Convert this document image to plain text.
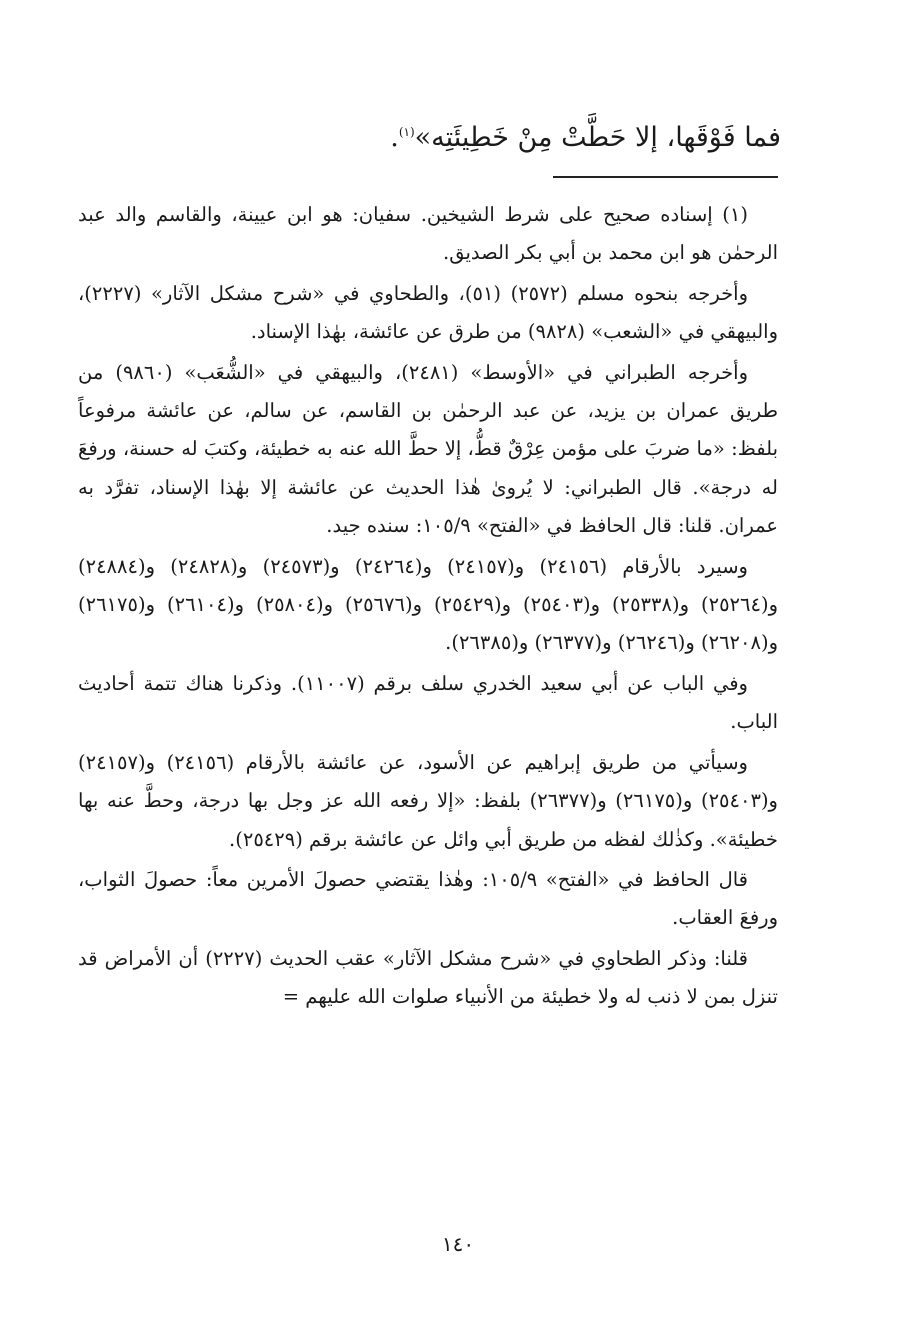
فما فَوْقَها، إلا حَطَّتْ مِنْ خَطِيئَتِه»$^{(١)}$.

(١) إسناده صحيح على شرط الشيخين. سفيان: هو ابن عيينة، والقاسم والد عبد الرحمٰن هو ابن محمد بن أبي بكر الصديق.

وأخرجه بنحوه مسلم (٢٥٧٢) (٥١)، والطحاوي في «شرح مشكل الآثار» (٢٢٢٧)، والبيهقي في «الشعب» (٩٨٢٨) من طرق عن عائشة، بهٰذا الإسناد.

وأخرجه الطبراني في «الأوسط» (٢٤٨١)، والبيهقي في «الشُّعَب» (٩٨٦٠) من طريق عمران بن يزيد، عن عبد الرحمٰن بن القاسم، عن سالم، عن عائشة مرفوعاً بلفظ: «ما ضربَ على مؤمن عِرْقٌ قطُّ، إلا حطَّ الله عنه به خطيئة، وكتبَ له حسنة، ورفعَ له درجة». قال الطبراني: لا يُروىٰ هٰذا الحديث عن عائشة إلا بهٰذا الإسناد، تفرَّد به عمران. قلنا: قال الحافظ في «الفتح» ١٠٥/٩: سنده جيد.

وسيرد بالأرقام (٢٤١٥٦) و(٢٤١٥٧) و(٢٤٢٦٤) و(٢٤٥٧٣) و(٢٤٨٢٨) و(٢٤٨٨٤) و(٢٥٢٦٤) و(٢٥٣٣٨) و(٢٥٤٠٣) و(٢٥٤٢٩) و(٢٥٦٧٦) و(٢٥٨٠٤) و(٢٦١٠٤) و(٢٦١٧٥) و(٢٦٢٠٨) و(٢٦٢٤٦) و(٢٦٣٧٧) و(٢٦٣٨٥).

وفي الباب عن أبي سعيد الخدري سلف برقم (١١٠٠٧). وذكرنا هناك تتمة أحاديث الباب.

وسيأتي من طريق إبراهيم عن الأسود، عن عائشة بالأرقام (٢٤١٥٦) و(٢٤١٥٧) و(٢٥٤٠٣) و(٢٦١٧٥) و(٢٦٣٧٧) بلفظ: «إلا رفعه الله عز وجل بها درجة، وحطَّ عنه بها خطيئة». وكذٰلك لفظه من طريق أبي وائل عن عائشة برقم (٢٥٤٢٩).

قال الحافظ في «الفتح» ١٠٥/٩: وهٰذا يقتضي حصولَ الأمرين معاً: حصولَ الثواب، ورفعَ العقاب.

قلنا: وذكر الطحاوي في «شرح مشكل الآثار» عقب الحديث (٢٢٢٧) أن الأمراض قد تنزل بمن لا ذنب له ولا خطيئة من الأنبياء صلوات الله عليهم =

١٤٠
